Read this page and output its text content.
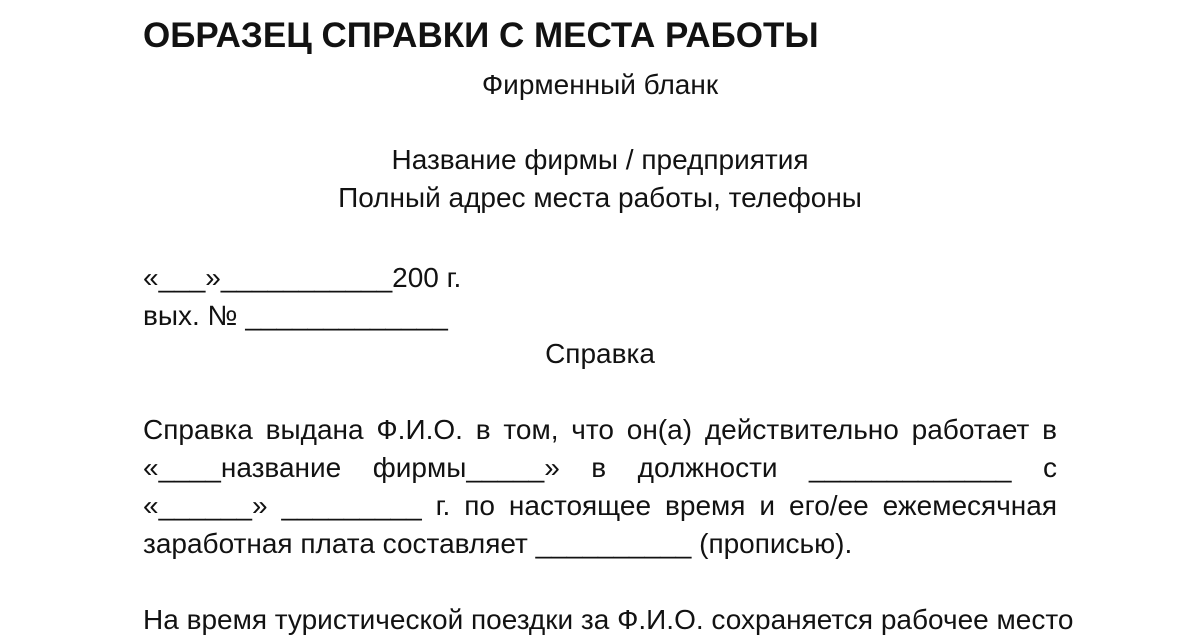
ОБРАЗЕЦ СПРАВКИ С МЕСТА РАБОТЫ
Фирменный бланк
Название фирмы / предприятия
Полный адрес места работы, телефоны
«___»___________200 г.
вых. № _____________
Справка
Справка выдана Ф.И.О. в том, что он(а) действительно работает в
«____название фирмы_____» в должности _____________ с
«______» _________ г. по настоящее время и его/ее ежемесячная
заработная плата составляет __________ (прописью).
На время туристической поездки за Ф.И.О. сохраняется рабочее место
